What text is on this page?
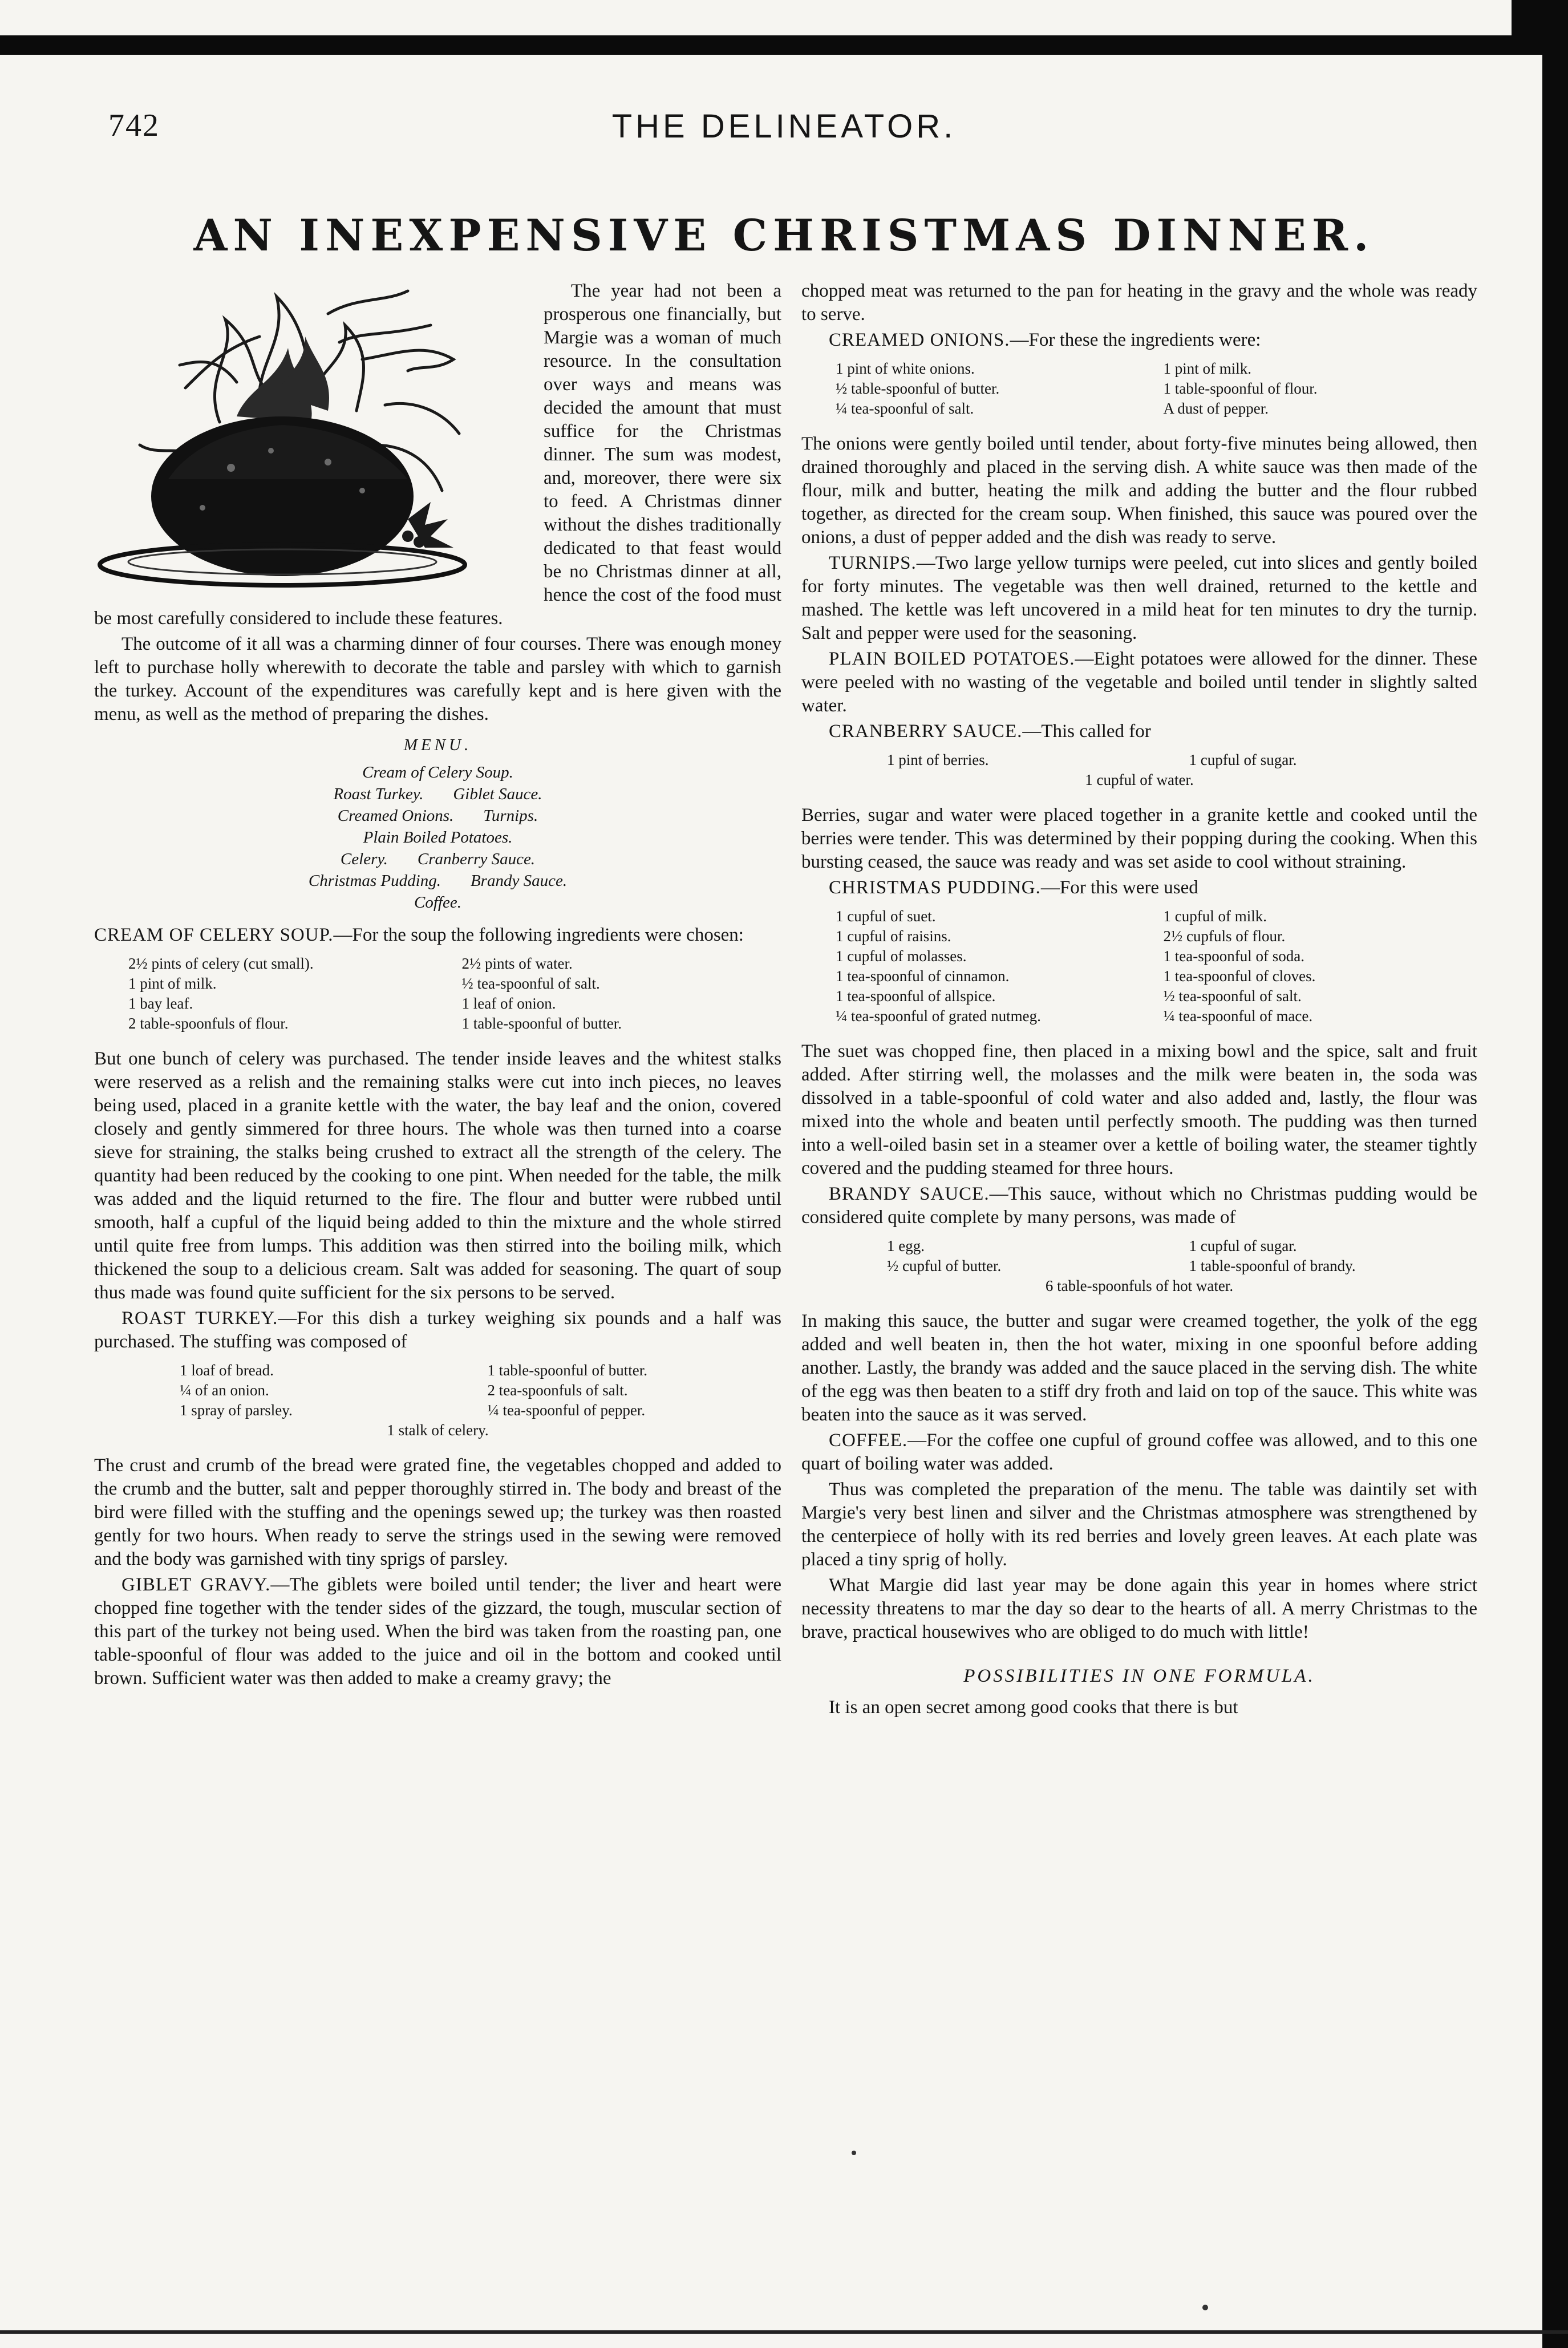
742	THE DELINEATOR.
AN INEXPENSIVE CHRISTMAS DINNER.

The year had not been a prosperous one financially, but Margie was a woman of much resource. In the consultation over ways and means was decided the amount that must suffice for the Christmas dinner. The sum was modest, and, moreover, there were six to feed. A Christmas dinner without the dishes traditionally dedicated to that feast would be no Christmas dinner at all, hence the cost of the food must be most carefully considered to include these features.

The outcome of it all was a charming dinner of four courses. There was enough money left to purchase holly wherewith to decorate the table and parsley with which to garnish the turkey. Account of the expenditures was carefully kept and is here given with the menu, as well as the method of preparing the dishes.

MENU.
Cream of Celery Soup.
Roast Turkey. Giblet Sauce.
Creamed Onions. Turnips.
Plain Boiled Potatoes.
Celery. Cranberry Sauce.
Christmas Pudding. Brandy Sauce.
Coffee.

CREAM OF CELERY SOUP.—For the soup the following ingredients were chosen:

2½ pints of celery (cut small).	2½ pints of water.
1 pint of milk.	½ tea-spoonful of salt.
1 bay leaf.	1 leaf of onion.
2 table-spoonfuls of flour.	1 table-spoonful of butter.

But one bunch of celery was purchased. The tender inside leaves and the whitest stalks were reserved as a relish and the remaining stalks were cut into inch pieces, no leaves being used, placed in a granite kettle with the water, the bay leaf and the onion, covered closely and gently simmered for three hours. The whole was then turned into a coarse sieve for straining, the stalks being crushed to extract all the strength of the celery. The quantity had been reduced by the cooking to one pint. When needed for the table, the milk was added and the liquid returned to the fire. The flour and butter were rubbed until smooth, half a cupful of the liquid being added to thin the mixture and the whole stirred until quite free from lumps. This addition was then stirred into the boiling milk, which thickened the soup to a delicious cream. Salt was added for seasoning. The quart of soup thus made was found quite sufficient for the six persons to be served.

ROAST TURKEY.—For this dish a turkey weighing six pounds and a half was purchased. The stuffing was composed of

1 loaf of bread.	1 table-spoonful of butter.
¼ of an onion.	2 tea-spoonfuls of salt.
1 spray of parsley.	¼ tea-spoonful of pepper.
1 stalk of celery.

The crust and crumb of the bread were grated fine, the vegetables chopped and added to the crumb and the butter, salt and pepper thoroughly stirred in. The body and breast of the bird were filled with the stuffing and the openings sewed up; the turkey was then roasted gently for two hours. When ready to serve the strings used in the sewing were removed and the body was garnished with tiny sprigs of parsley.

GIBLET GRAVY.—The giblets were boiled until tender; the liver and heart were chopped fine together with the tender sides of the gizzard, the tough, muscular section of this part of the turkey not being used. When the bird was taken from the roasting pan, one table-spoonful of flour was added to the juice and oil in the bottom and cooked until brown. Sufficient water was then added to make a creamy gravy; the

chopped meat was returned to the pan for heating in the gravy and the whole was ready to serve.

CREAMED ONIONS.—For these the ingredients were:

1 pint of white onions.	1 pint of milk.
½ table-spoonful of butter.	1 table-spoonful of flour.
¼ tea-spoonful of salt.	A dust of pepper.

The onions were gently boiled until tender, about forty-five minutes being allowed, then drained thoroughly and placed in the serving dish. A white sauce was then made of the flour, milk and butter, heating the milk and adding the butter and the flour rubbed together, as directed for the cream soup. When finished, this sauce was poured over the onions, a dust of pepper added and the dish was ready to serve.

TURNIPS.—Two large yellow turnips were peeled, cut into slices and gently boiled for forty minutes. The vegetable was then well drained, returned to the kettle and mashed. The kettle was left uncovered in a mild heat for ten minutes to dry the turnip. Salt and pepper were used for the seasoning.

PLAIN BOILED POTATOES.—Eight potatoes were allowed for the dinner. These were peeled with no wasting of the vegetable and boiled until tender in slightly salted water.

CRANBERRY SAUCE.—This called for

1 pint of berries.	1 cupful of sugar.
1 cupful of water.

Berries, sugar and water were placed together in a granite kettle and cooked until the berries were tender. This was determined by their popping during the cooking. When this bursting ceased, the sauce was ready and was set aside to cool without straining.

CHRISTMAS PUDDING.—For this were used

1 cupful of suet.	1 cupful of milk.
1 cupful of raisins.	2½ cupfuls of flour.
1 cupful of molasses.	1 tea-spoonful of soda.
1 tea-spoonful of cinnamon.	1 tea-spoonful of cloves.
1 tea-spoonful of allspice.	½ tea-spoonful of salt.
¼ tea-spoonful of grated nutmeg.	¼ tea-spoonful of mace.

The suet was chopped fine, then placed in a mixing bowl and the spice, salt and fruit added. After stirring well, the molasses and the milk were beaten in, the soda was dissolved in a table-spoonful of cold water and also added and, lastly, the flour was mixed into the whole and beaten until perfectly smooth. The pudding was then turned into a well-oiled basin set in a steamer over a kettle of boiling water, the steamer tightly covered and the pudding steamed for three hours.

BRANDY SAUCE.—This sauce, without which no Christmas pudding would be considered quite complete by many persons, was made of

1 egg.	1 cupful of sugar.
½ cupful of butter.	1 table-spoonful of brandy.
6 table-spoonfuls of hot water.

In making this sauce, the butter and sugar were creamed together, the yolk of the egg added and well beaten in, then the hot water, mixing in one spoonful before adding another. Lastly, the brandy was added and the sauce placed in the serving dish. The white of the egg was then beaten to a stiff dry froth and laid on top of the sauce. This white was beaten into the sauce as it was served.

COFFEE.—For the coffee one cupful of ground coffee was allowed, and to this one quart of boiling water was added.

Thus was completed the preparation of the menu. The table was daintily set with Margie's very best linen and silver and the Christmas atmosphere was strengthened by the centerpiece of holly with its red berries and lovely green leaves. At each plate was placed a tiny sprig of holly.

What Margie did last year may be done again this year in homes where strict necessity threatens to mar the day so dear to the hearts of all. A merry Christmas to the brave, practical housewives who are obliged to do much with little!

POSSIBILITIES IN ONE FORMULA.

It is an open secret among good cooks that there is but
